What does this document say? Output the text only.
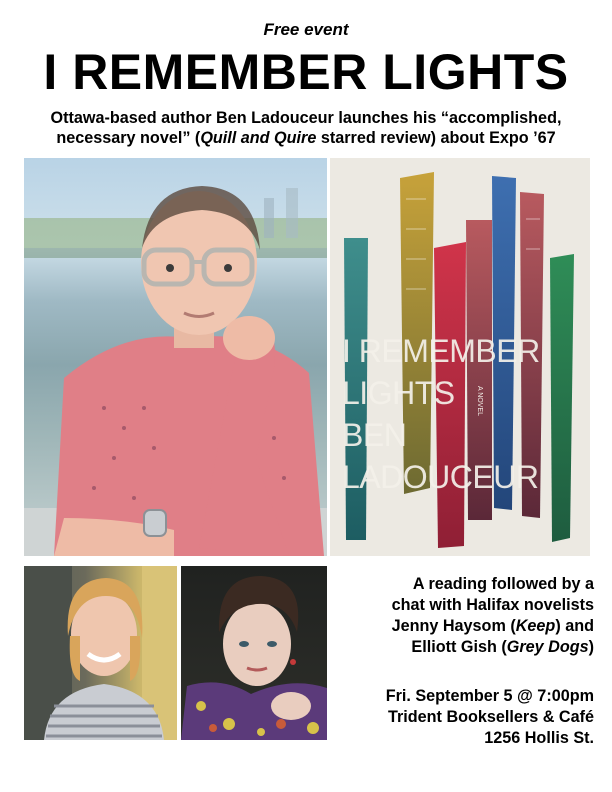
Free event
I REMEMBER LIGHTS
Ottawa-based author Ben Ladouceur launches his “accomplished, necessary novel” (Quill and Quire starred review) about Expo ’67
I REMEMBER
LIGHTS
BEN
LADOUCEUR
A NOVEL
A reading followed by a
chat with Halifax novelists
Jenny Haysom (Keep) and
Elliott Gish (Grey Dogs)
Fri. September 5 @ 7:00pm
Trident Booksellers & Café
1256 Hollis St.
